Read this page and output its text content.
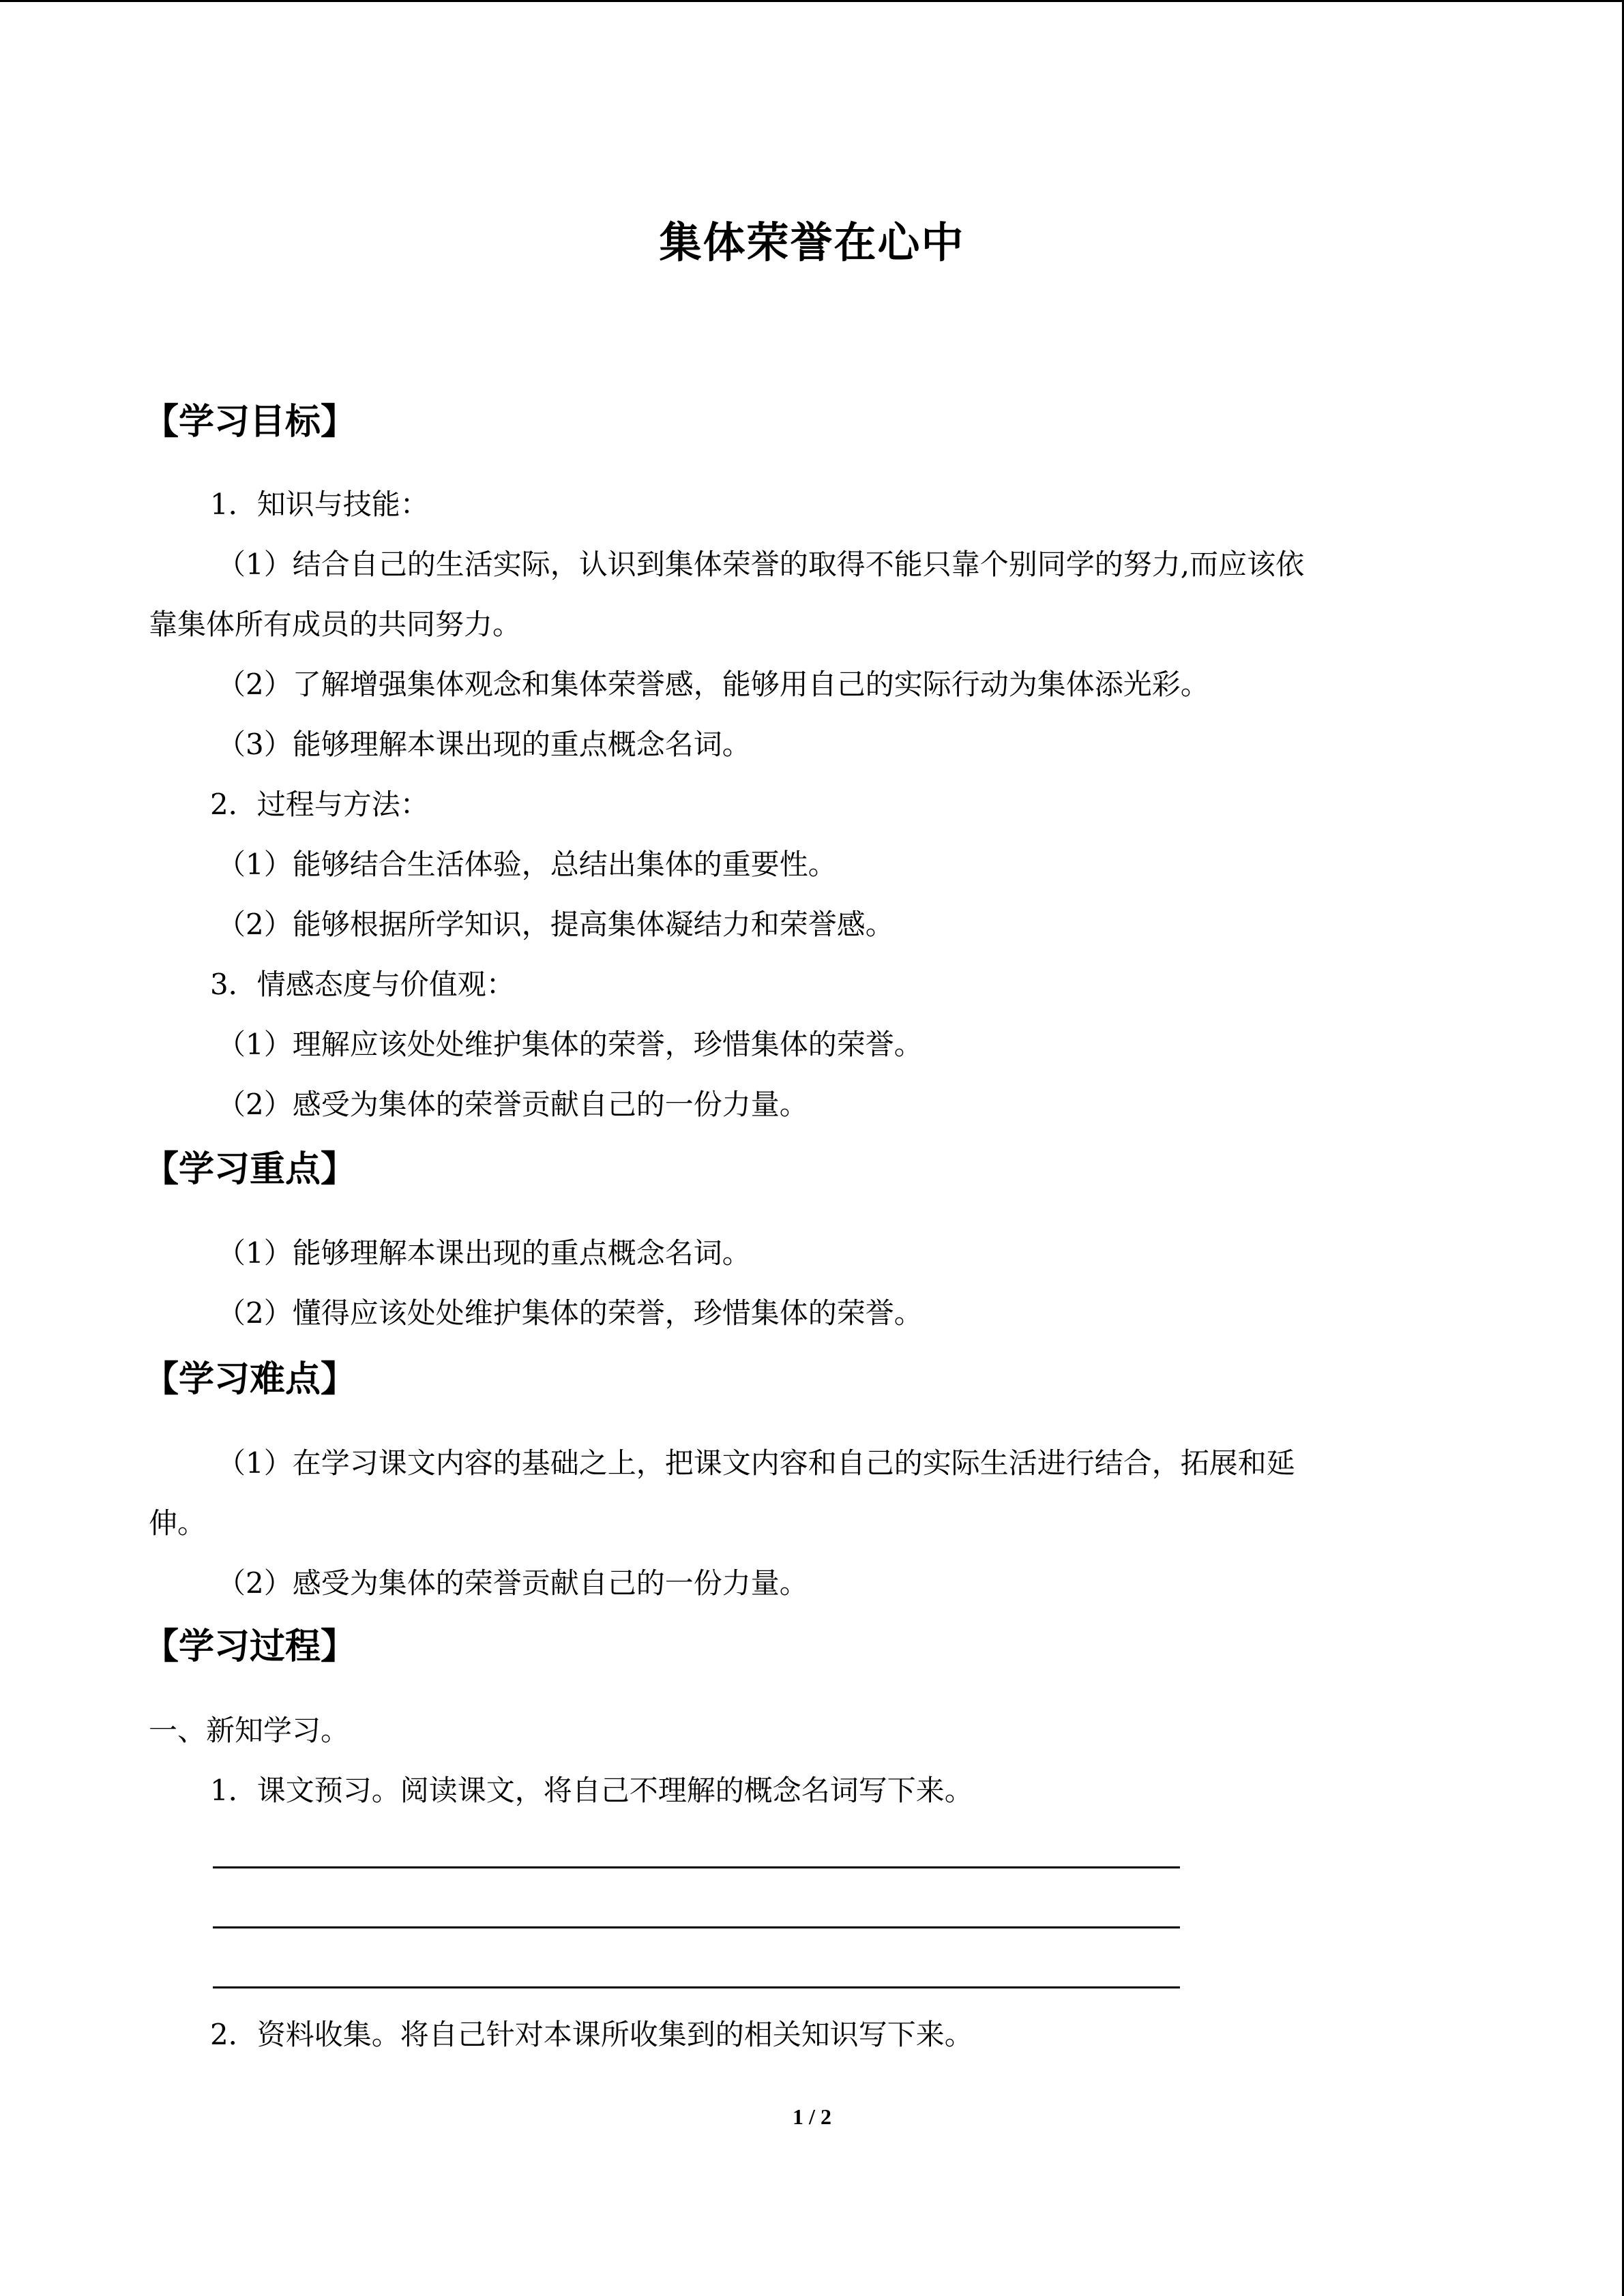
集体荣誉在心中
【学习目标】
1．知识与技能：
（1）结合自己的生活实际，认识到集体荣誉的取得不能只靠个别同学的努力,而应该依
靠集体所有成员的共同努力。
（2）了解增强集体观念和集体荣誉感，能够用自己的实际行动为集体添光彩。
（3）能够理解本课出现的重点概念名词。
2．过程与方法：
（1）能够结合生活体验，总结出集体的重要性。
（2）能够根据所学知识，提高集体凝结力和荣誉感。
3．情感态度与价值观：
（1）理解应该处处维护集体的荣誉，珍惜集体的荣誉。
（2）感受为集体的荣誉贡献自己的一份力量。
【学习重点】
（1）能够理解本课出现的重点概念名词。
（2）懂得应该处处维护集体的荣誉，珍惜集体的荣誉。
【学习难点】
（1）在学习课文内容的基础之上，把课文内容和自己的实际生活进行结合，拓展和延
伸。
（2）感受为集体的荣誉贡献自己的一份力量。
【学习过程】
一、新知学习。
1．课文预习。阅读课文，将自己不理解的概念名词写下来。
2．资料收集。将自己针对本课所收集到的相关知识写下来。
1 / 2
